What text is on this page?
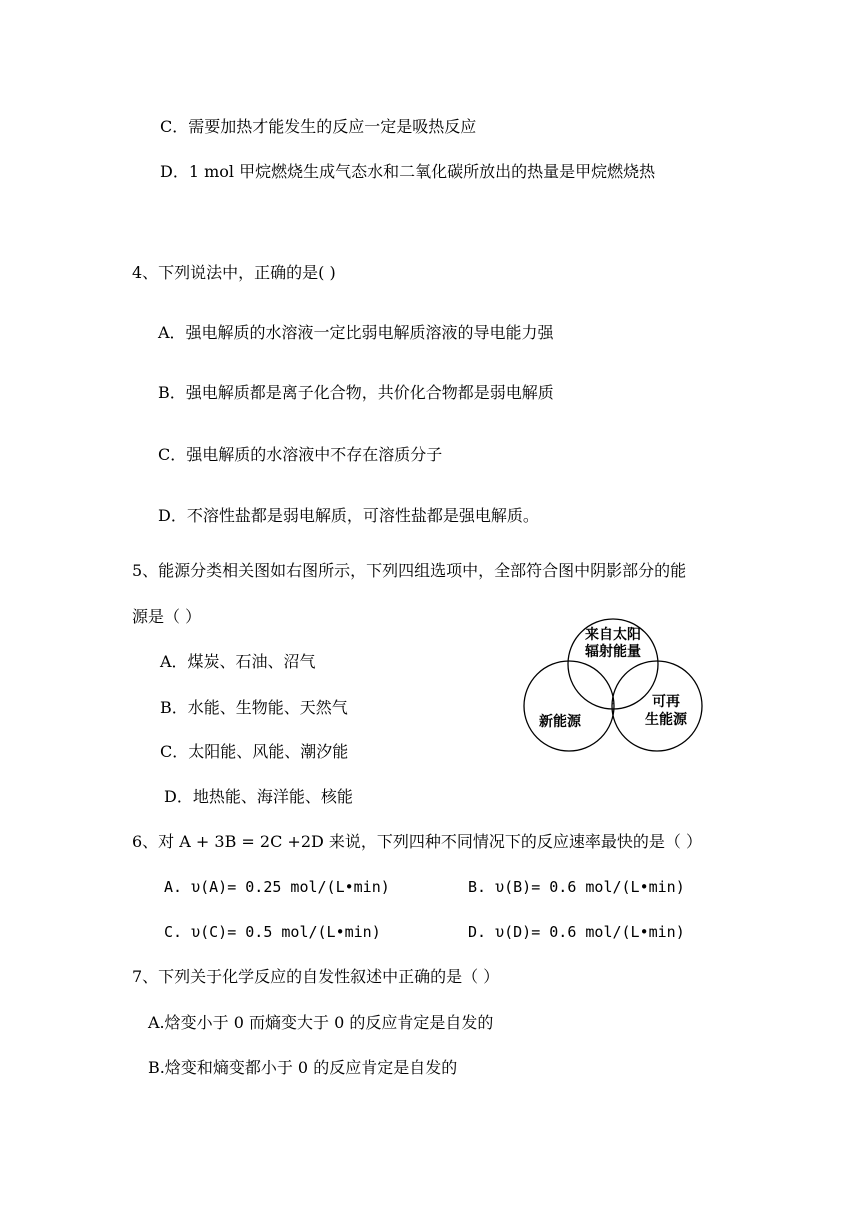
C．需要加热才能发生的反应一定是吸热反应
D．1 mol 甲烷燃烧生成气态水和二氧化碳所放出的热量是甲烷燃烧热
4、下列说法中，正确的是( )
A．强电解质的水溶液一定比弱电解质溶液的导电能力强
B．强电解质都是离子化合物，共价化合物都是弱电解质
C．强电解质的水溶液中不存在溶质分子
D．不溶性盐都是弱电解质，可溶性盐都是强电解质。
5、能源分类相关图如右图所示，下列四组选项中，全部符合图中阴影部分的能
源是（ ）
A．煤炭、石油、沼气
B．水能、生物能、天然气
C．太阳能、风能、潮汐能
D．地热能、海洋能、核能
来自太阳
辐射能量
新能源
可再
生能源
6、对 A + 3B = 2C +2D 来说，下列四种不同情况下的反应速率最快的是（ ）
A. υ(A)= 0.25 mol/(L•min)	B. υ(B)= 0.6 mol/(L•min)
C. υ(C)= 0.5 mol/(L•min)	D. υ(D)= 0.6 mol/(L•min)
7、下列关于化学反应的自发性叙述中正确的是（ ）
A.焓变小于 0 而熵变大于 0 的反应肯定是自发的
B.焓变和熵变都小于 0 的反应肯定是自发的
